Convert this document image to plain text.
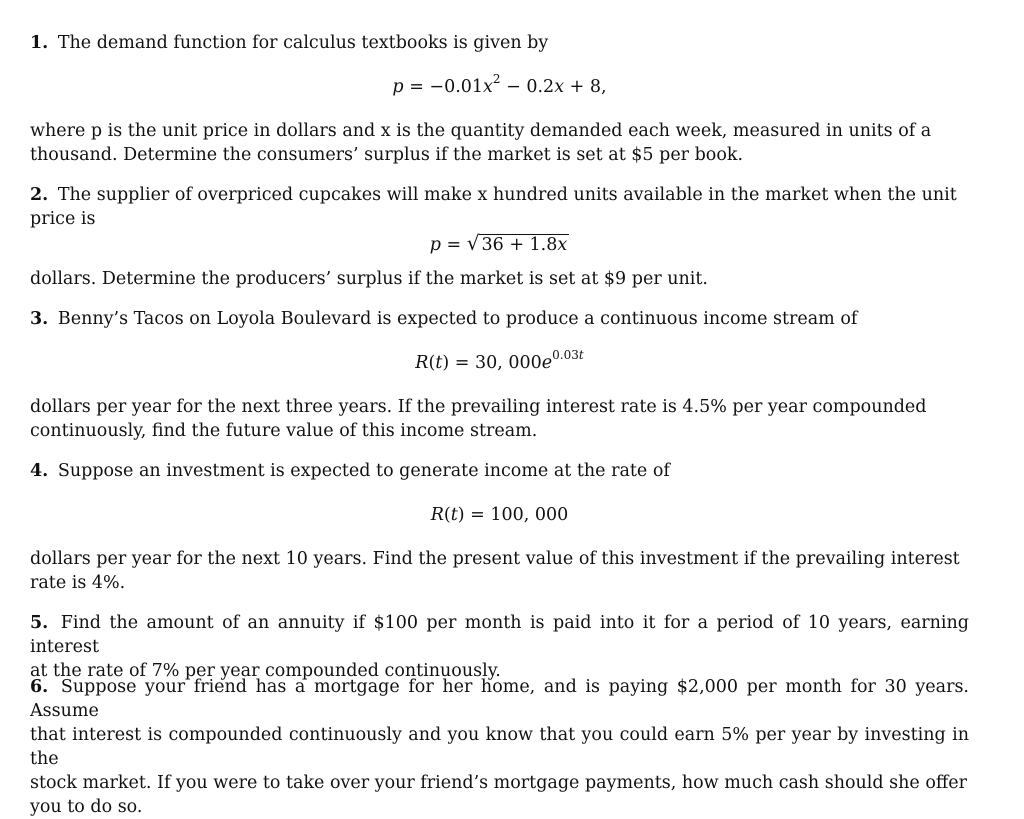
1. The demand function for calculus textbooks is given by
$p = -0.01x^2 - 0.2x + 8$,
where p is the unit price in dollars and x is the quantity demanded each week, measured in units of a
thousand. Determine the consumers’ surplus if the market is set at $5 per book.
2. The supplier of overpriced cupcakes will make x hundred units available in the market when the unit
price is
p = √ 36 + 1.8x
dollars. Determine the producers’ surplus if the market is set at $9 per unit.
3. Benny’s Tacos on Loyola Boulevard is expected to produce a continuous income stream of
R(t) = 30, $000e^{0.03t}$
dollars per year for the next three years. If the prevailing interest rate is 4.5% per year compounded
continuously, find the future value of this income stream.
4. Suppose an investment is expected to generate income at the rate of
R(t) = 100, 000
dollars per year for the next 10 years. Find the present value of this investment if the prevailing interest
rate is 4%.
5. Find the amount of an annuity if $100 per month is paid into it for a period of 10 years, earning interest
at the rate of 7% per year compounded continuously.
6. Suppose your friend has a mortgage for her home, and is paying $2,000 per month for 30 years. Assume
that interest is compounded continuously and you know that you could earn 5% per year by investing in the
stock market. If you were to take over your friend’s mortgage payments, how much cash should she offer
you to do so.
